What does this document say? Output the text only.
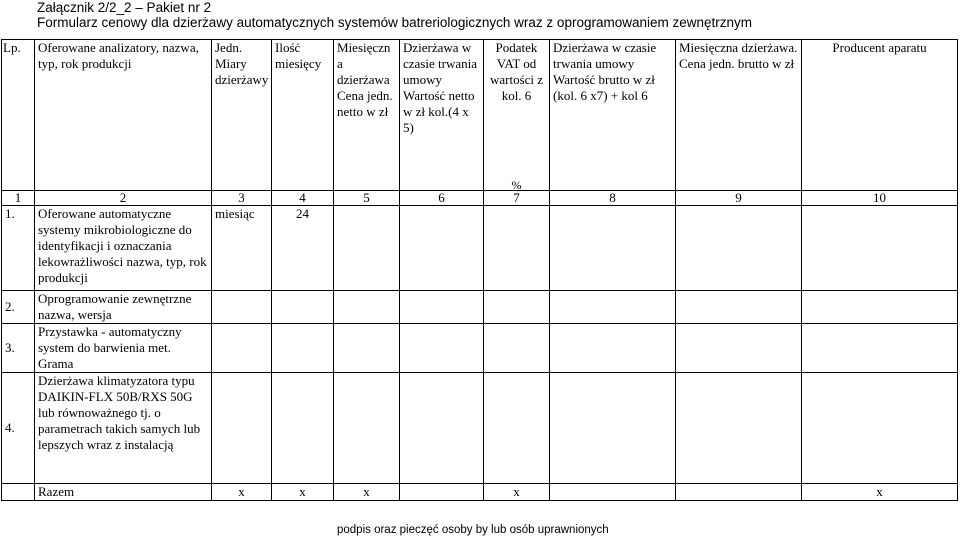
Załącznik 2/2_2 – Pakiet nr 2
Formularz cenowy dla dzierżawy automatycznych systemów batreriologicznych wraz z oprogramowaniem zewnętrznym
Lp.	Oferowane analizatory, nazwa, typ, rok produkcji	Jedn. Miary dzierżawy	Ilość miesięcy	Miesięczn a dzierżawa Cena jedn. netto w zł	Dzierżawa w czasie trwania umowy Wartość netto w zł kol.(4 x 5)	Podatek VAT od wartości z kol. 6	Dzierżawa w czasie trwania umowy Wartość brutto w zł (kol. 6 x7) + kol 6	Miesięczna dzierżawa. Cena jedn. brutto w zł	Producent aparatu
						%			
1	2	3	4	5	6	7	8	9	10
1.	Oferowane automatyczne systemy mikrobiologiczne do identyfikacji i oznaczania lekowrażliwości nazwa, typ, rok produkcji	miesiąc	24						
2.	Oprogramowanie zewnętrzne nazwa, wersja								
3.	Przystawka - automatyczny system do barwienia met. Grama								
4.	Dzierżawa klimatyzatora typu DAIKIN-FLX 50B/RXS 50G lub równoważnego tj. o parametrach takich samych lub lepszych wraz z instalacją								
	Razem	x	x	x		x			x
podpis oraz pieczęć osoby by lub osób uprawnionych
